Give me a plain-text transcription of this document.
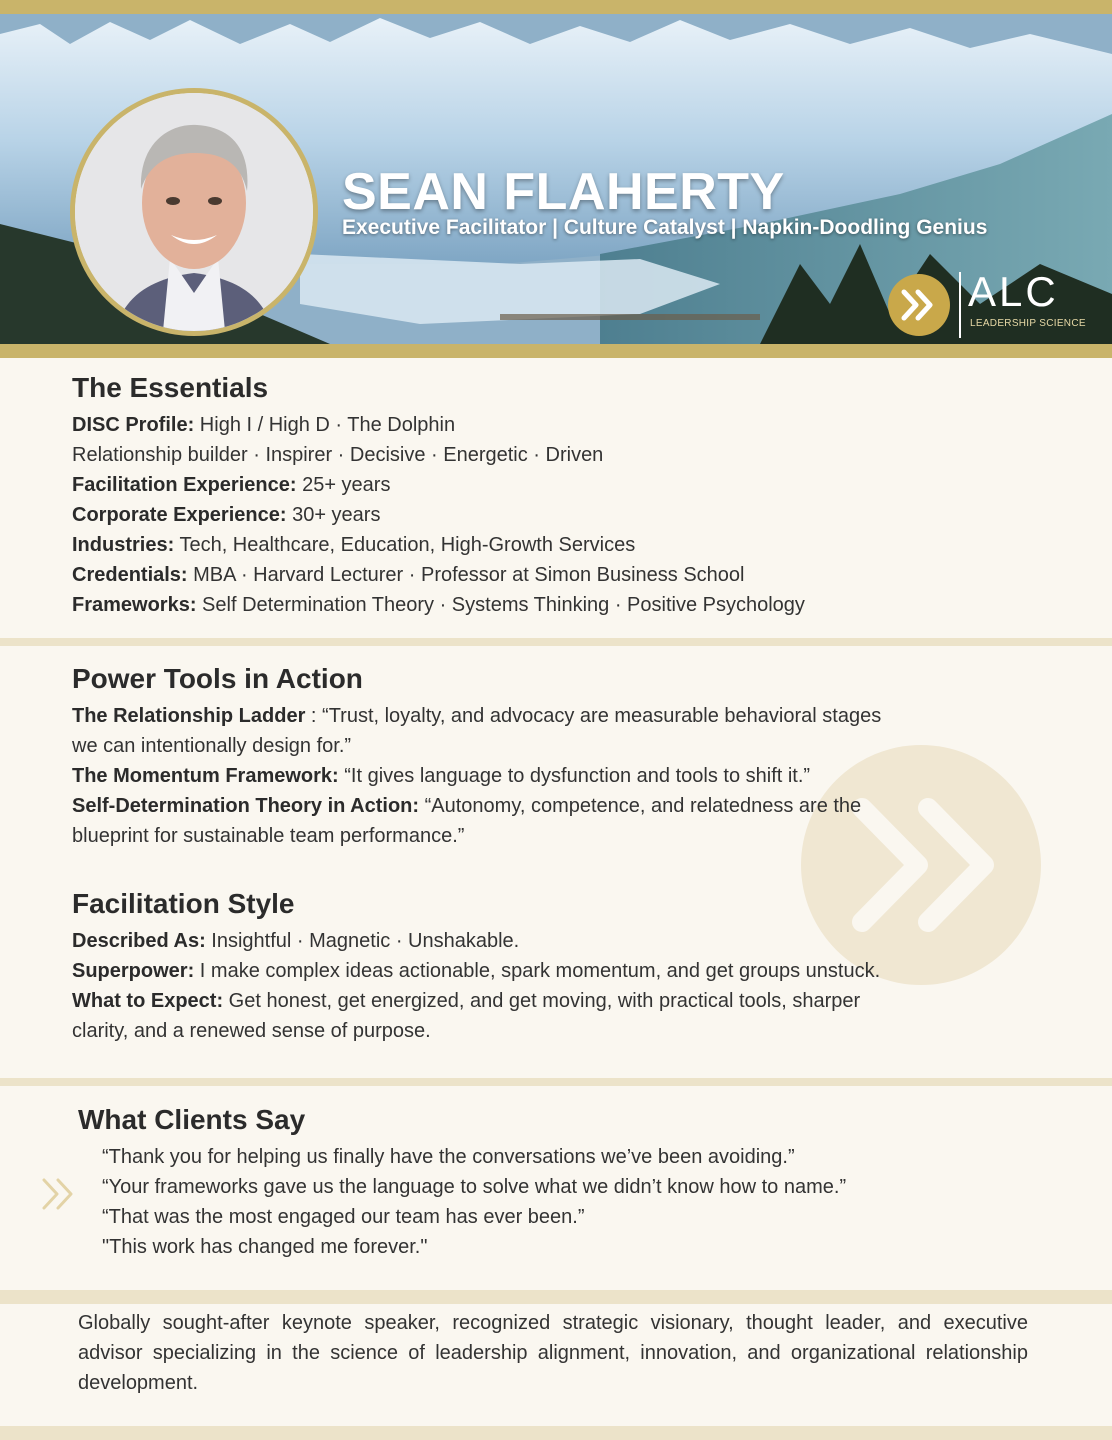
SEAN FLAHERTY
Executive Facilitator | Culture Catalyst | Napkin-Doodling Genius
ALC
LEADERSHIP SCIENCE
The Essentials
DISC Profile: High I / High D · The Dolphin
Relationship builder · Inspirer · Decisive · Energetic · Driven
Facilitation Experience: 25+ years
Corporate Experience: 30+ years
Industries: Tech, Healthcare, Education, High-Growth Services
Credentials: MBA · Harvard Lecturer · Professor at Simon Business School
Frameworks: Self Determination Theory · Systems Thinking · Positive Psychology
Power Tools in Action
The Relationship Ladder : “Trust, loyalty, and advocacy are measurable behavioral stages
we can intentionally design for.”
The Momentum Framework: “It gives language to dysfunction and tools to shift it.”
Self-Determination Theory in Action: “Autonomy, competence, and relatedness are the
blueprint for sustainable team performance.”
Facilitation Style
Described As: Insightful · Magnetic · Unshakable.
Superpower: I make complex ideas actionable, spark momentum, and get groups unstuck.
What to Expect: Get honest, get energized, and get moving, with practical tools, sharper
clarity, and a renewed sense of purpose.
What Clients Say
“Thank you for helping us finally have the conversations we’ve been avoiding.”
“Your frameworks gave us the language to solve what we didn’t know how to name.”
“That was the most engaged our team has ever been.”
"This work has changed me forever."
Globally sought-after keynote speaker, recognized strategic visionary, thought leader, and executive advisor specializing in the science of leadership alignment, innovation, and organizational relationship development.
